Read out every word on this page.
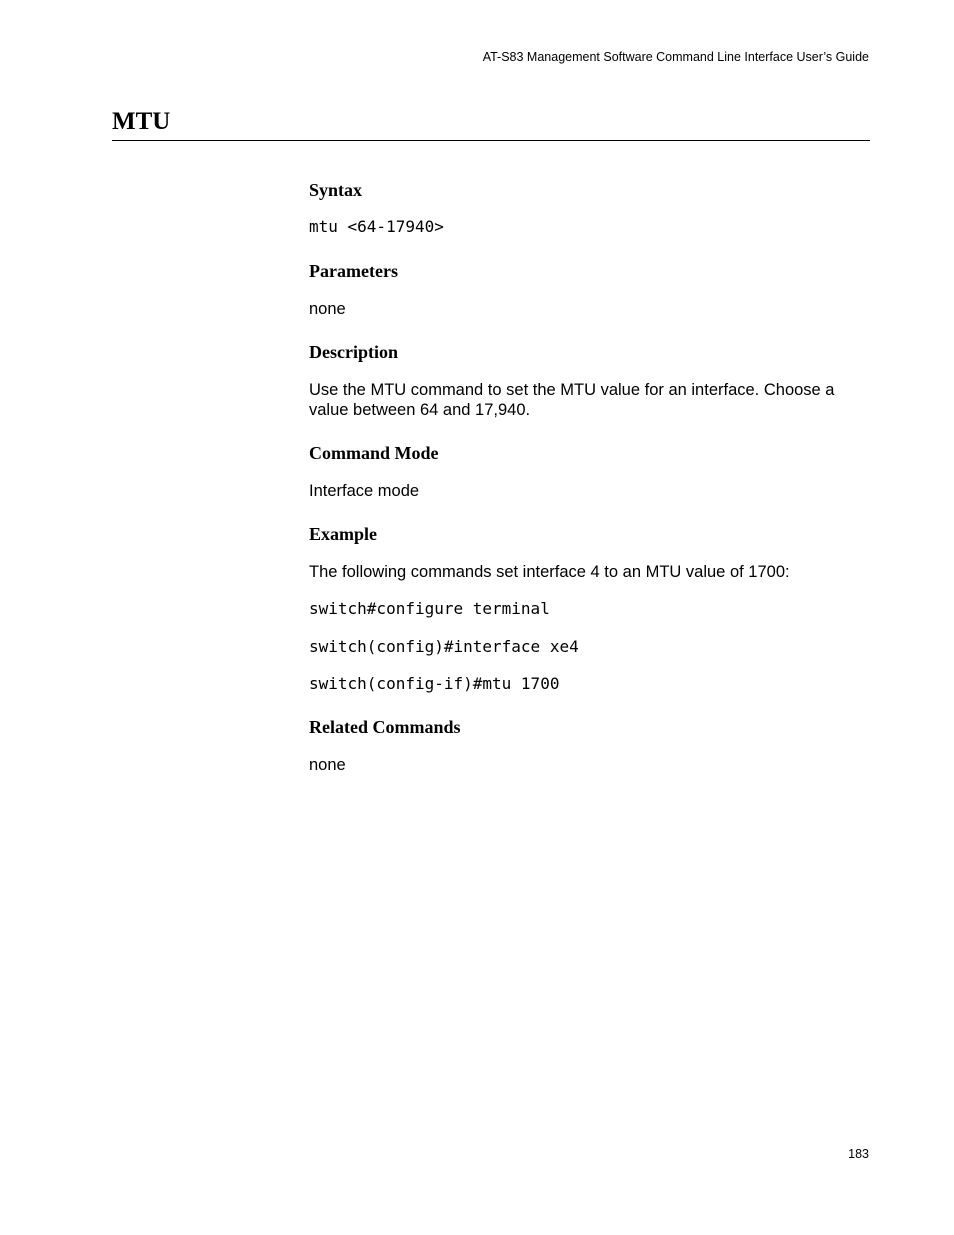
AT-S83 Management Software Command Line Interface User’s Guide
MTU
Syntax
mtu <64-17940>
Parameters

none

Description

Use the MTU command to set the MTU value for an interface. Choose a value between 64 and 17,940.

Command Mode

Interface mode

Example

The following commands set interface 4 to an MTU value of 1700:

switch#configure terminal
switch(config)#interface xe4
switch(config-if)#mtu 1700
Related Commands

none

183
